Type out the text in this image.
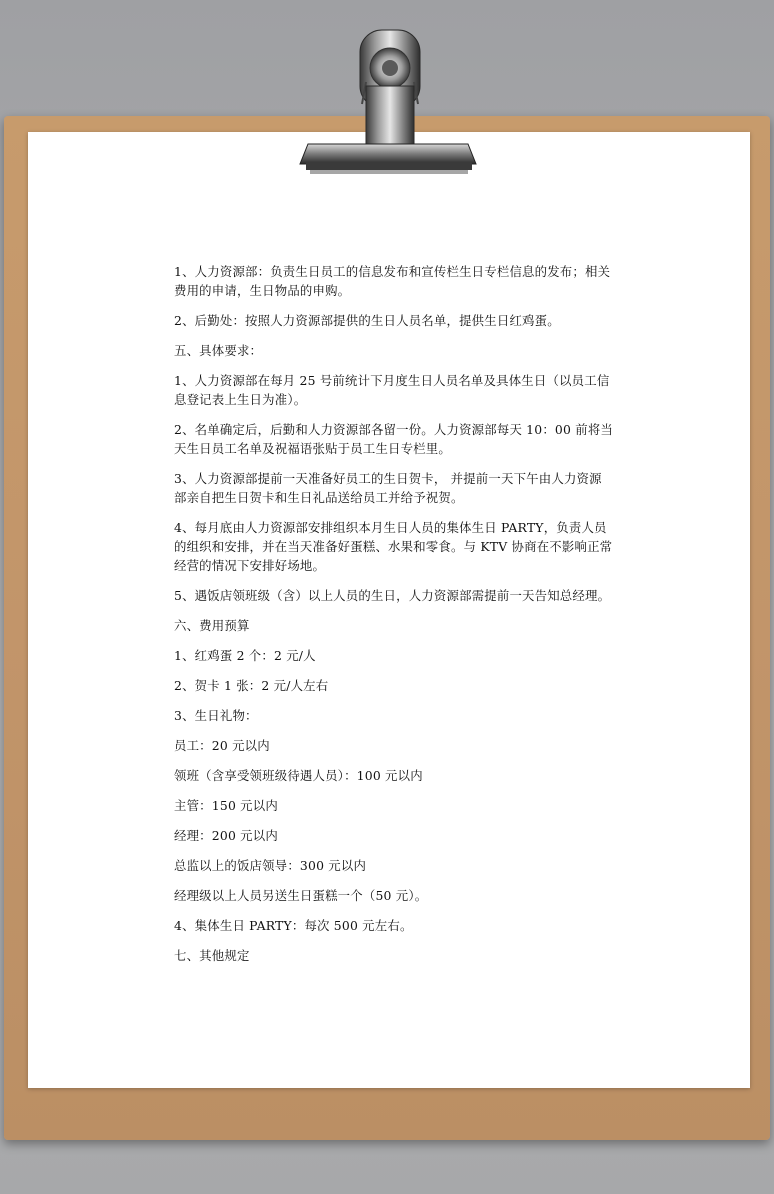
1、人力资源部：负责生日员工的信息发布和宣传栏生日专栏信息的发布；相关费用的申请，生日物品的申购。

2、后勤处：按照人力资源部提供的生日人员名单，提供生日红鸡蛋。

五、具体要求：

1、人力资源部在每月 25 号前统计下月度生日人员名单及具体生日（以员工信息登记表上生日为准）。

2、名单确定后，后勤和人力资源部各留一份。人力资源部每天 10：00 前将当天生日员工名单及祝福语张贴于员工生日专栏里。

3、人力资源部提前一天准备好员工的生日贺卡， 并提前一天下午由人力资源部亲自把生日贺卡和生日礼品送给员工并给予祝贺。

4、每月底由人力资源部安排组织本月生日人员的集体生日 PARTY，负责人员的组织和安排，并在当天准备好蛋糕、水果和零食。与 KTV 协商在不影响正常经营的情况下安排好场地。

5、遇饭店领班级（含）以上人员的生日，人力资源部需提前一天告知总经理。

六、费用预算

1、红鸡蛋 2 个：2 元/人

2、贺卡 1 张：2 元/人左右

3、生日礼物：

员工：20 元以内

领班（含享受领班级待遇人员）：100 元以内

主管：150 元以内

经理：200 元以内

总监以上的饭店领导：300 元以内

经理级以上人员另送生日蛋糕一个（50 元）。

4、集体生日 PARTY：每次 500 元左右。

七、其他规定
